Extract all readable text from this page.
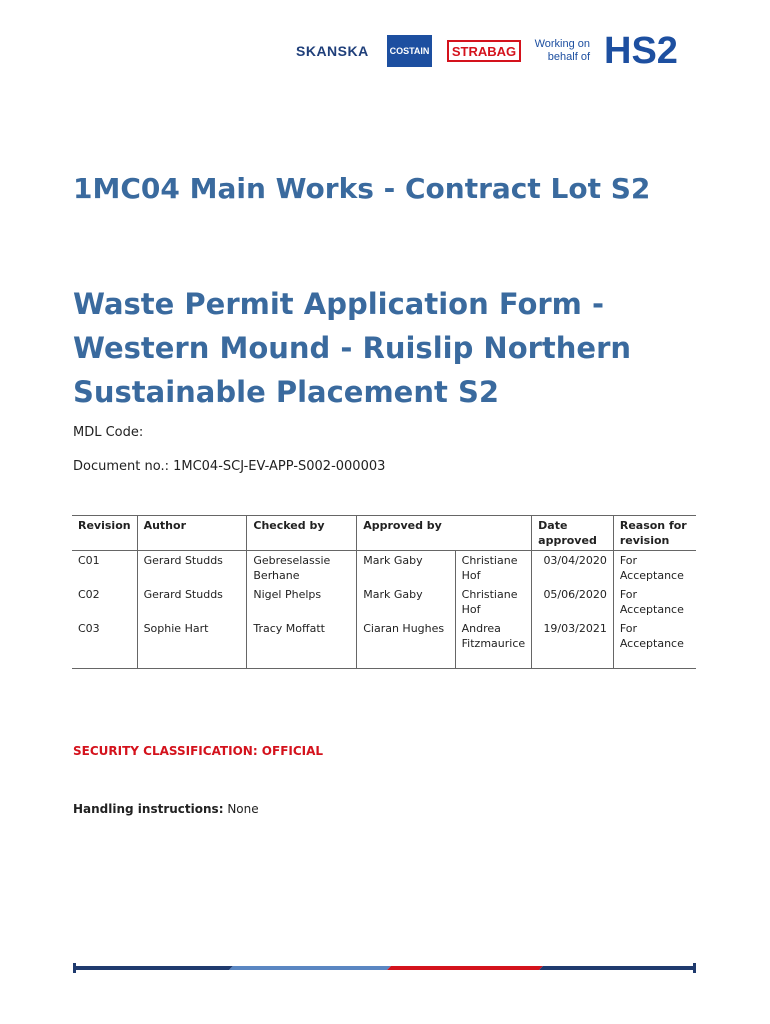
SKANSKA COSTAIN	STRABAG	Working on
behalf of HS2
1MC04 Main Works - Contract Lot S2
Waste Permit Application Form - Western Mound - Ruislip Northern Sustainable Placement S2
MDL Code:
Document no.: 1MC04-SCJ-EV-APP-S002-000003
Revision	Author	Checked by	Approved by		Date approved	Reason for revision
C01	Gerard Studds	Gebreselassie Berhane	Mark Gaby	Christiane Hof	03/04/2020	For Acceptance
C02	Gerard Studds	Nigel Phelps	Mark Gaby	Christiane Hof	05/06/2020	For Acceptance
C03	Sophie Hart	Tracy Moffatt	Ciaran Hughes	Andrea Fitzmaurice	19/03/2021	For Acceptance
SECURITY CLASSIFICATION: OFFICIAL
Handling instructions: None
